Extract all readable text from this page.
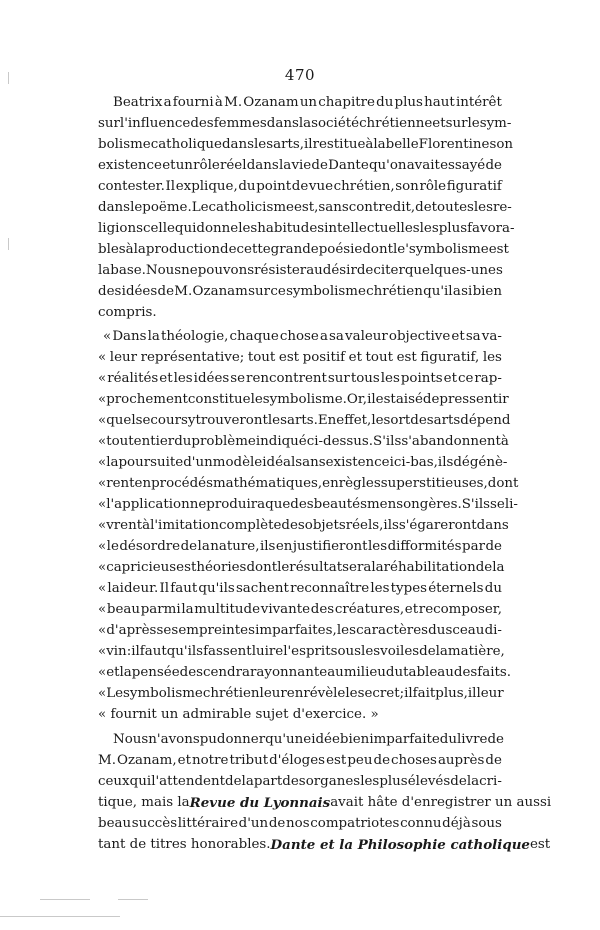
470
Beatrix a fourni à M. Ozanam un chapitre du plus haut intérêt
sur l'influence des femmes dans la société chrétienne et sur le sym-
bolisme catholique dans les arts, il restitue à la belle Florentine son
existence et un rôle réel dans la vie de Dante qu'on avait essayé de
contester. Il explique, du point de vue chrétien, son rôle figuratif
dans le poëme. Le catholicisme est, sans contredit, de toutes les re-
ligions celle qui donne les habitudes intellectuelles les plus favora-
bles à la production de cette grande poésie dont le 'symbolisme est
la base. Nous ne pouvons résister au désir de citer quelques-unes
des idées de M. Ozanam sur ce symbolisme chrétien qu'il a si bien
compris.
« Dans la théologie, chaque chose a sa valeur objective et sa va-
« leur représentative; tout est positif et tout est figuratif, les
« réalités et les idées se rencontrent sur tous les points et ce rap-
« prochement constitue le symbolisme. Or, il est aisé de pressentir
« quel secours y trouveront les arts. En effet, le sort des arts dépend
« tout entier du problème indiqué ci-dessus. S'ils s'abandonnent à
« la poursuite d'un modèle idéal sans existence ici-bas, ils dégénè-
« rent en procédés mathématiques, en règles superstitieuses, dont
« l'application ne produira que des beautés mensongères. S'ils se li-
« vrent à l'imitation complète des objets réels, ils s'égareront dans
« le désordre de la nature, ils en justifieront les difformités par de
« capricieuses théories dont le résultat sera la réhabilitation de la
« laideur. Il faut qu'ils sachent reconnaître les types éternels du
« beau parmi la multitude vivante des créatures, et recomposer,
« d'après ses empreintes imparfaites, les caractères du sceau di-
« vin : il faut qu'ils fassent luire l'esprit sous les voiles de la matière,
« et la pensée descendra rayonnante au milieu du tableau des faits.
« Le symbolisme chrétien leur en révèle le secret; il fait plus, il leur
« fournit un admirable sujet d'exercice. »
Nous n'avons pu donner qu'une idée bien imparfaite du livre de
M. Ozanam, et notre tribut d'éloges est peu de choses auprès de
ceux qui l'attendent de la part des organes les plus élevés de la cri-
tique, mais la Revue du Lyonnais avait hâte d'enregistrer un aussi
beau succès littéraire d'un de nos compatriotes connu déjà sous
tant de titres honorables. Dante et la Philosophie catholique est
